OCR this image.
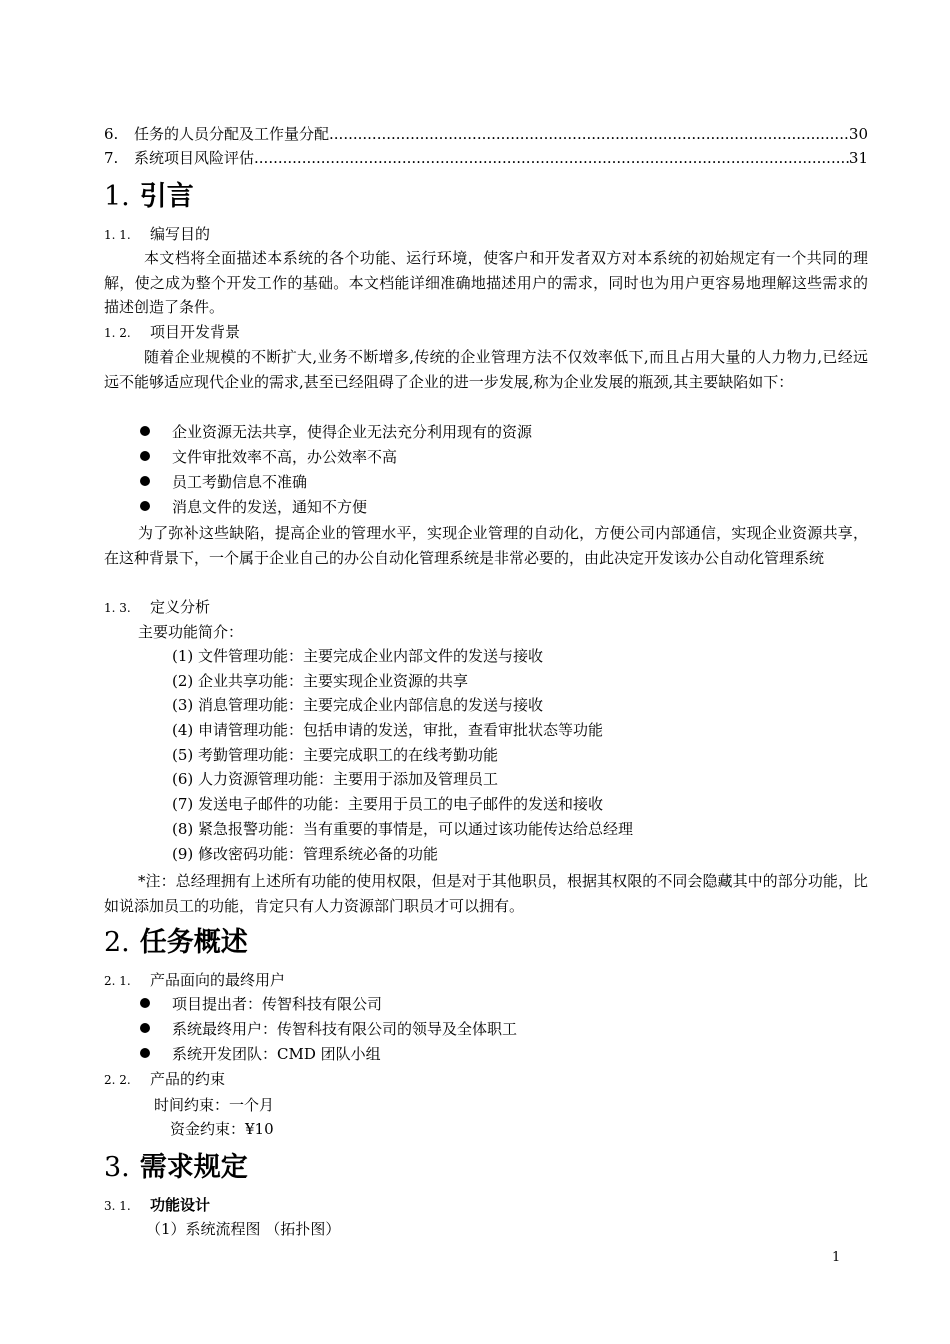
6.	任务的人员分配及工作量分配 .....	30
7.	系统项目风险评估 .....	31
1. 引言
1. 1. 编写目的
本文档将全面描述本系统的各个功能、运行环境，使客户和开发者双方对本系统的初始规定有一个共同的理解，使之成为整个开发工作的基础。本文档能详细准确地描述用户的需求，同时也为用户更容易地理解这些需求的描述创造了条件。
1. 2. 项目开发背景
随着企业规模的不断扩大,业务不断增多,传统的企业管理方法不仅效率低下,而且占用大量的人力物力,已经远远不能够适应现代企业的需求,甚至已经阻碍了企业的进一步发展,称为企业发展的瓶颈,其主要缺陷如下：
企业资源无法共享，使得企业无法充分利用现有的资源
文件审批效率不高，办公效率不高
员工考勤信息不准确
消息文件的发送，通知不方便
为了弥补这些缺陷，提高企业的管理水平，实现企业管理的自动化，方便公司内部通信，实现企业资源共享，在这种背景下，一个属于企业自己的办公自动化管理系统是非常必要的，由此决定开发该办公自动化管理系统
1. 3. 定义分析
主要功能简介：
(1) 文件管理功能：主要完成企业内部文件的发送与接收
(2) 企业共享功能：主要实现企业资源的共享
(3) 消息管理功能：主要完成企业内部信息的发送与接收
(4) 申请管理功能：包括申请的发送，审批，查看审批状态等功能
(5) 考勤管理功能：主要完成职工的在线考勤功能
(6) 人力资源管理功能：主要用于添加及管理员工
(7) 发送电子邮件的功能：主要用于员工的电子邮件的发送和接收
(8) 紧急报警功能：当有重要的事情是，可以通过该功能传达给总经理
(9) 修改密码功能：管理系统必备的功能
*注：总经理拥有上述所有功能的使用权限，但是对于其他职员，根据其权限的不同会隐藏其中的部分功能，比如说添加员工的功能，肯定只有人力资源部门职员才可以拥有。
2. 任务概述
2. 1. 产品面向的最终用户
项目提出者：传智科技有限公司
系统最终用户：传智科技有限公司的领导及全体职工
系统开发团队：CMD 团队小组
2. 2. 产品的约束
时间约束：一个月
资金约束：¥10
3. 需求规定
3. 1. 功能设计
（1）系统流程图 （拓扑图）
1
